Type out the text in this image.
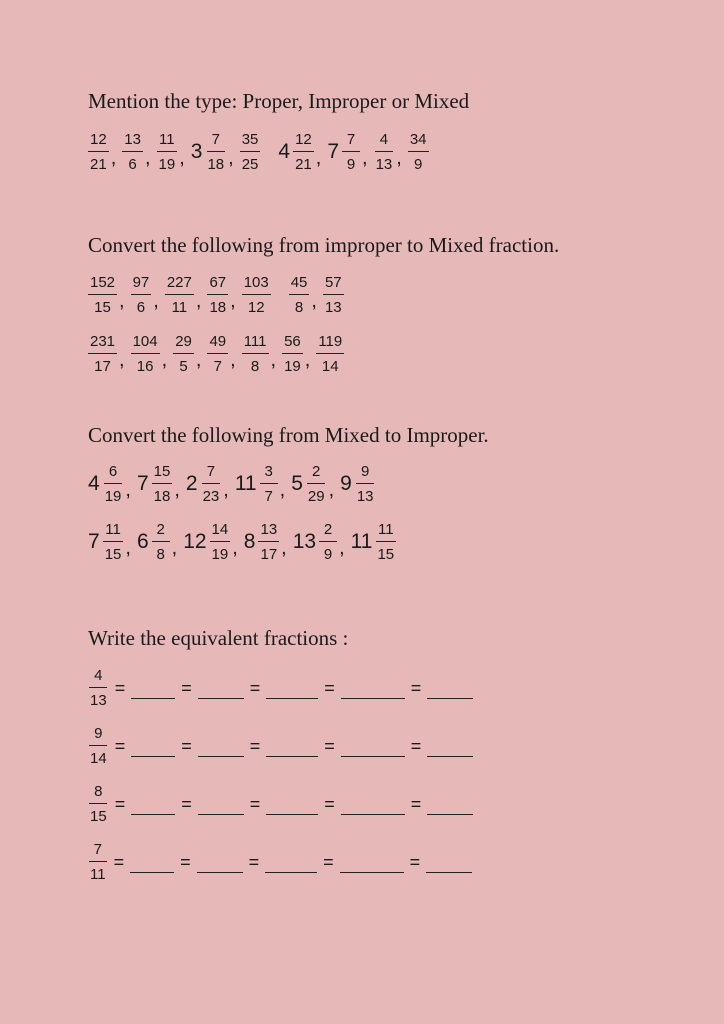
Mention the type: Proper, Improper or Mixed
$\frac{12}{21}$ , $\frac{13}{6}$ , $\frac{11}{19}$ , $3 \frac{7}{18}$ , $\frac{35}{25} 4 \frac{12}{21}$ , $7 \frac{7}{9}$ , $\frac{4}{13}$ , $\frac{34}{9}$
Convert the following from improper to Mixed fraction.
$\frac{152}{15}$ , $\frac{97}{6}$ , $\frac{227}{11}$ , $\frac{67}{18}$ , $\frac{103}{12} \frac{45}{8}$ , $\frac{57}{13}$
$\frac{231}{17}$ , $\frac{104}{16}$ , $\frac{29}{5}$ , $\frac{49}{7}$ , $\frac{111}{8}$ , $\frac{56}{19}$ , $\frac{119}{14}$
Convert the following from Mixed to Improper.
$4 \frac{6}{19}$ , $7 \frac{15}{18}$ , $2 \frac{7}{23}$ , $11 \frac{3}{7}$ , $5 \frac{2}{29}$ , $9 \frac{9}{13}$
$7 \frac{11}{15}$ , $6 \frac{2}{8}$ , $12 \frac{14}{19}$ , $8 \frac{13}{17}$ , $13 \frac{2}{9}$ , $11 \frac{11}{15}$
Write the equivalent fractions :
$\frac{4}{13}$ =	=	=	=	=
$\frac{9}{14}$ =	=	=	=	=
$\frac{8}{15}$ =	=	=	=	=
$\frac{7}{11}$ =	=	=	=	=
